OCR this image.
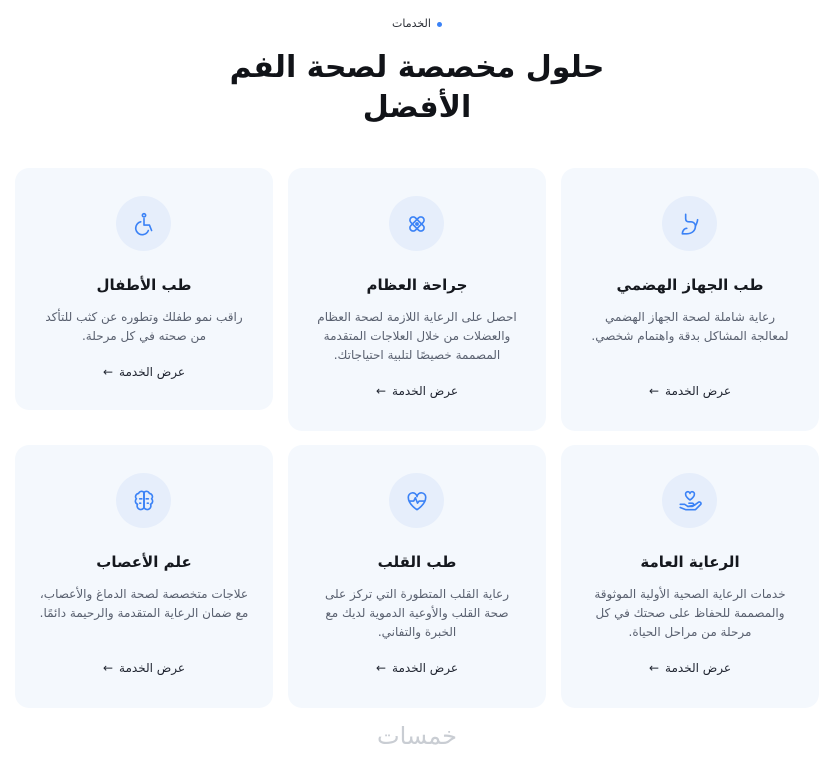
الخدمات
حلول مخصصة لصحة الفم
الأفضل
طب الجهاز الهضمي
رعاية شاملة لصحة الجهاز الهضمي لمعالجة المشاكل بدقة واهتمام شخصي.
عرض الخدمة←
جراحة العظام
احصل على الرعاية اللازمة لصحة العظام والعضلات من خلال العلاجات المتقدمة المصممة خصيصًا لتلبية احتياجاتك.
عرض الخدمة←
طب الأطفال
راقب نمو طفلك وتطوره عن كثب للتأكد من صحته في كل مرحلة.
عرض الخدمة←
الرعاية العامة
خدمات الرعاية الصحية الأولية الموثوقة والمصممة للحفاظ على صحتك في كل مرحلة من مراحل الحياة.
عرض الخدمة←
طب القلب
رعاية القلب المتطورة التي تركز على صحة القلب والأوعية الدموية لديك مع الخبرة والتفاني.
عرض الخدمة←
علم الأعصاب
علاجات متخصصة لصحة الدماغ والأعصاب، مع ضمان الرعاية المتقدمة والرحيمة دائمًا.
عرض الخدمة←
خمسات
